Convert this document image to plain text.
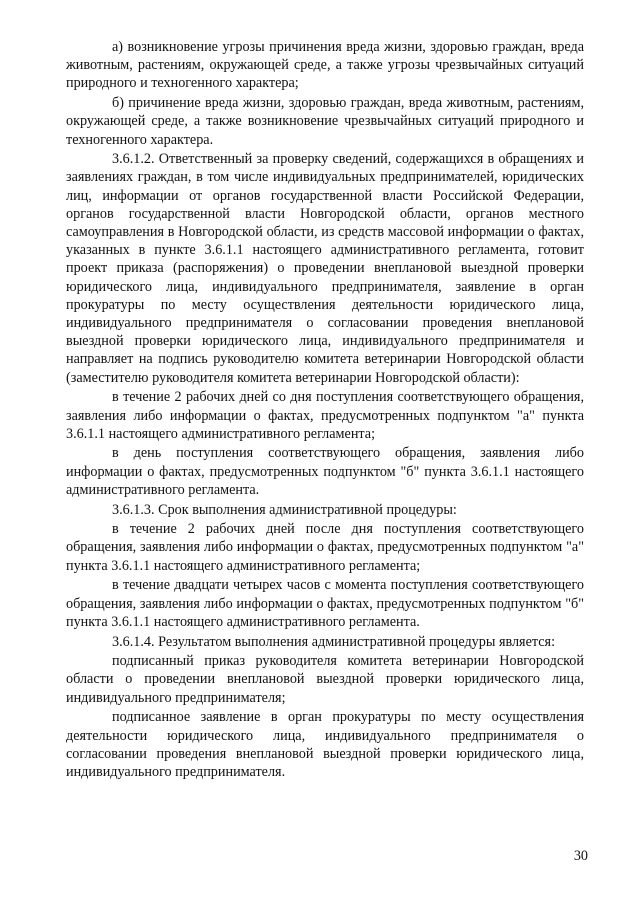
а) возникновение угрозы причинения вреда жизни, здоровью граждан, вреда животным, растениям, окружающей среде, а также угрозы чрезвычайных ситуаций природного и техногенного характера;

б) причинение вреда жизни, здоровью граждан, вреда животным, растениям, окружающей среде, а также возникновение чрезвычайных ситуаций природного и техногенного характера.

3.6.1.2. Ответственный за проверку сведений, содержащихся в обращениях и заявлениях граждан, в том числе индивидуальных предпринимателей, юридических лиц, информации от органов государственной власти Российской Федерации, органов государственной власти Новгородской области, органов местного самоуправления в Новгородской области, из средств массовой информации о фактах, указанных в пункте 3.6.1.1 настоящего административного регламента, готовит проект приказа (распоряжения) о проведении внеплановой выездной проверки юридического лица, индивидуального предпринимателя, заявление в орган прокуратуры по месту осуществления деятельности юридического лица, индивидуального предпринимателя о согласовании проведения внеплановой выездной проверки юридического лица, индивидуального предпринимателя и направляет на подпись руководителю комитета ветеринарии Новгородской области (заместителю руководителя комитета ветеринарии Новгородской области):

в течение 2 рабочих дней со дня поступления соответствующего обращения, заявления либо информации о фактах, предусмотренных подпунктом "а" пункта 3.6.1.1 настоящего административного регламента;

в день поступления соответствующего обращения, заявления либо информации о фактах, предусмотренных подпунктом "б" пункта 3.6.1.1 настоящего административного регламента.

3.6.1.3. Срок выполнения административной процедуры:

в течение 2 рабочих дней после дня поступления соответствующего обращения, заявления либо информации о фактах, предусмотренных подпунктом "а" пункта 3.6.1.1 настоящего административного регламента;

в течение двадцати четырех часов с момента поступления соответствующего обращения, заявления либо информации о фактах, предусмотренных подпунктом "б" пункта 3.6.1.1 настоящего административного регламента.

3.6.1.4. Результатом выполнения административной процедуры является:

подписанный приказ руководителя комитета ветеринарии Новгородской области о проведении внеплановой выездной проверки юридического лица, индивидуального предпринимателя;

подписанное заявление в орган прокуратуры по месту осуществления деятельности юридического лица, индивидуального предпринимателя о согласовании проведения внеплановой выездной проверки юридического лица, индивидуального предпринимателя.

30
